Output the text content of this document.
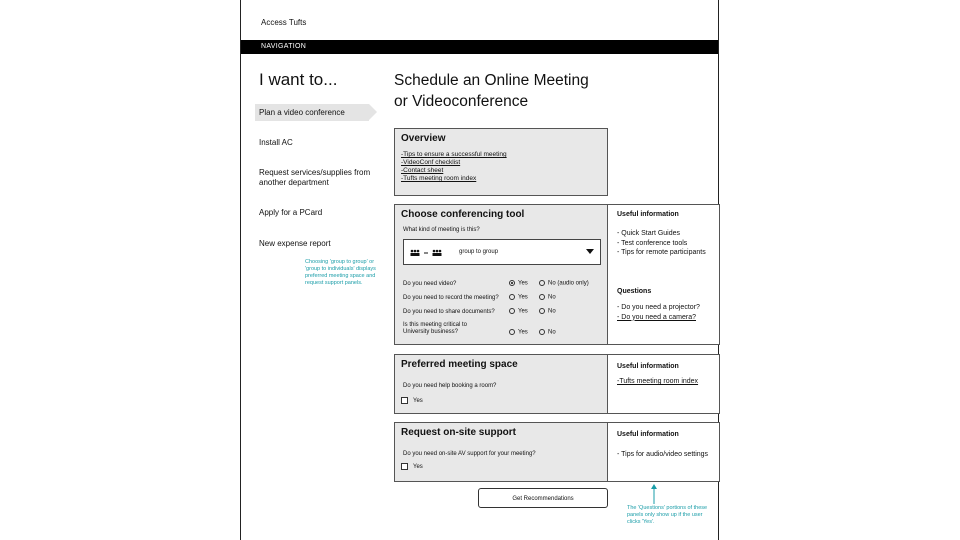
Access Tufts
NAVIGATION
I want to...
Plan a video conference
Install AC
Request services/supplies from another department
Apply for a PCard
New expense report
Choosing 'group to group' or 'group to individuals' displays preferred meeting space and request support panels.
Schedule an Online Meeting
or Videoconference
Overview
-Tips to ensure a successful meeting
-VideoConf checklist
-Contact sheet
-Tufts meeting room index
Choose conferencing tool
What kind of meeting is this?
group to group
Do you need video?	Yes	No (audio only)
Do you need to record the meeting?	Yes	No
Do you need to share documents?	Yes	No
Is this meeting critical to University business?	Yes	No
Useful information
- Quick Start Guides
- Test conference tools
- Tips for remote participants
Questions
- Do you need a projector?
- Do you need a camera?
Preferred meeting space
Do you need help booking a room?
Yes
Useful information
-Tufts meeting room index
Request on-site support
Do you need on-site AV support for your meeting?
Yes
Useful information
- Tips for audio/video settings
Get Recommendations
The 'Questions' portions of these panels only show up if the user clicks 'Yes'.
